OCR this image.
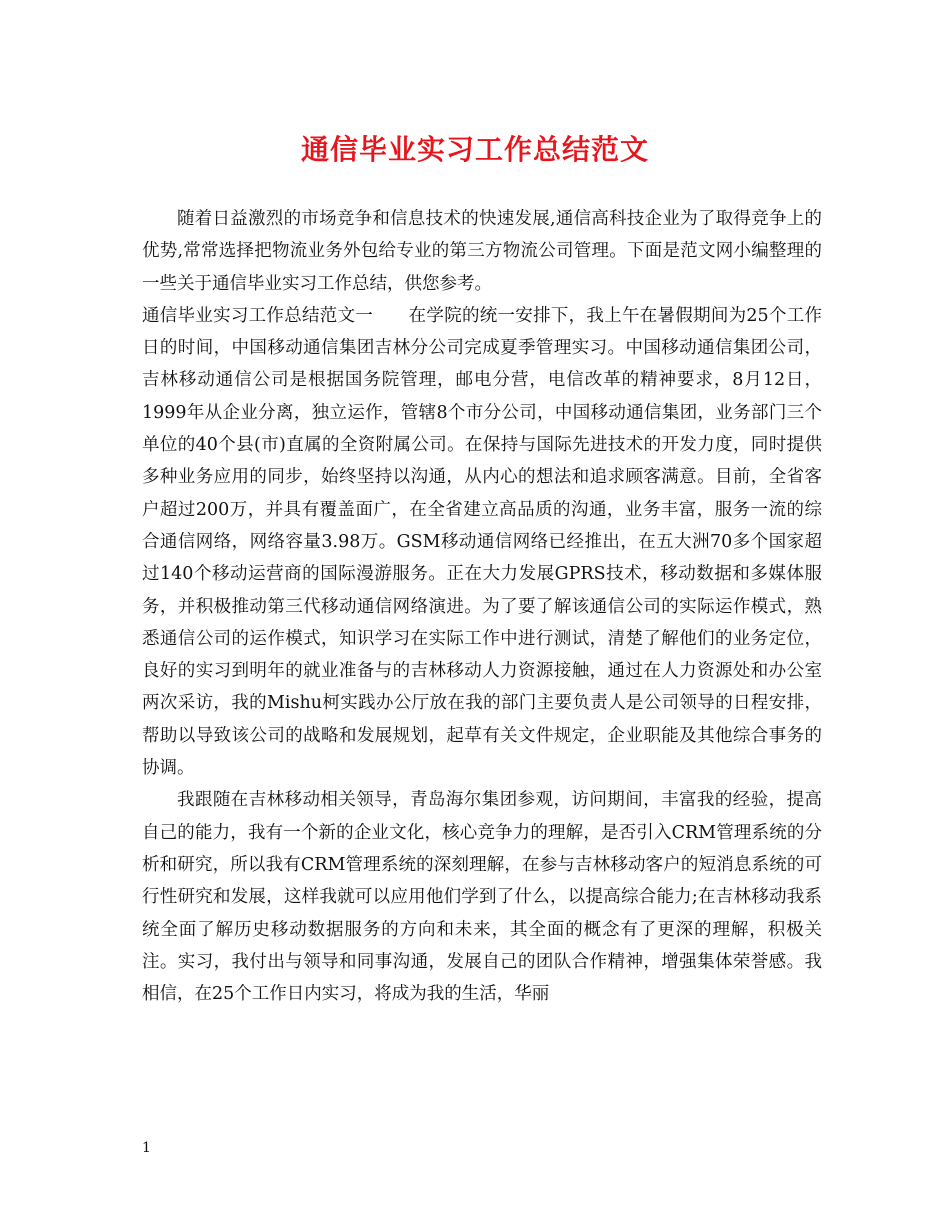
通信毕业实习工作总结范文

随着日益激烈的市场竞争和信息技术的快速发展,通信高科技企业为了取得竞争上的优势,常常选择把物流业务外包给专业的第三方物流公司管理。下面是范文网小编整理的一些关于通信毕业实习工作总结，供您参考。

通信毕业实习工作总结范文一　　在学院的统一安排下，我上午在暑假期间为25个工作日的时间，中国移动通信集团吉林分公司完成夏季管理实习。中国移动通信集团公司，吉林移动通信公司是根据国务院管理，邮电分营，电信改革的精神要求，8月12日，1999年从企业分离，独立运作，管辖8个市分公司，中国移动通信集团，业务部门三个单位的40个县(市)直属的全资附属公司。在保持与国际先进技术的开发力度，同时提供多种业务应用的同步，始终坚持以沟通，从内心的想法和追求顾客满意。目前，全省客户超过200万，并具有覆盖面广，在全省建立高品质的沟通，业务丰富，服务一流的综合通信网络，网络容量3.98万。GSM移动通信网络已经推出，在五大洲70多个国家超过140个移动运营商的国际漫游服务。正在大力发展GPRS技术，移动数据和多媒体服务，并积极推动第三代移动通信网络演进。为了要了解该通信公司的实际运作模式，熟悉通信公司的运作模式，知识学习在实际工作中进行测试，清楚了解他们的业务定位，良好的实习到明年的就业准备与的吉林移动人力资源接触，通过在人力资源处和办公室两次采访，我的Mishu柯实践办公厅放在我的部门主要负责人是公司领导的日程安排，帮助以导致该公司的战略和发展规划，起草有关文件规定，企业职能及其他综合事务的协调。

我跟随在吉林移动相关领导，青岛海尔集团参观，访问期间，丰富我的经验，提高自己的能力，我有一个新的企业文化，核心竞争力的理解，是否引入CRM管理系统的分析和研究，所以我有CRM管理系统的深刻理解，在参与吉林移动客户的短消息系统的可行性研究和发展，这样我就可以应用他们学到了什么，以提高综合能力;在吉林移动我系统全面了解历史移动数据服务的方向和未来，其全面的概念有了更深的理解，积极关注。实习，我付出与领导和同事沟通，发展自己的团队合作精神，增强集体荣誉感。我相信，在25个工作日内实习，将成为我的生活，华丽

1
